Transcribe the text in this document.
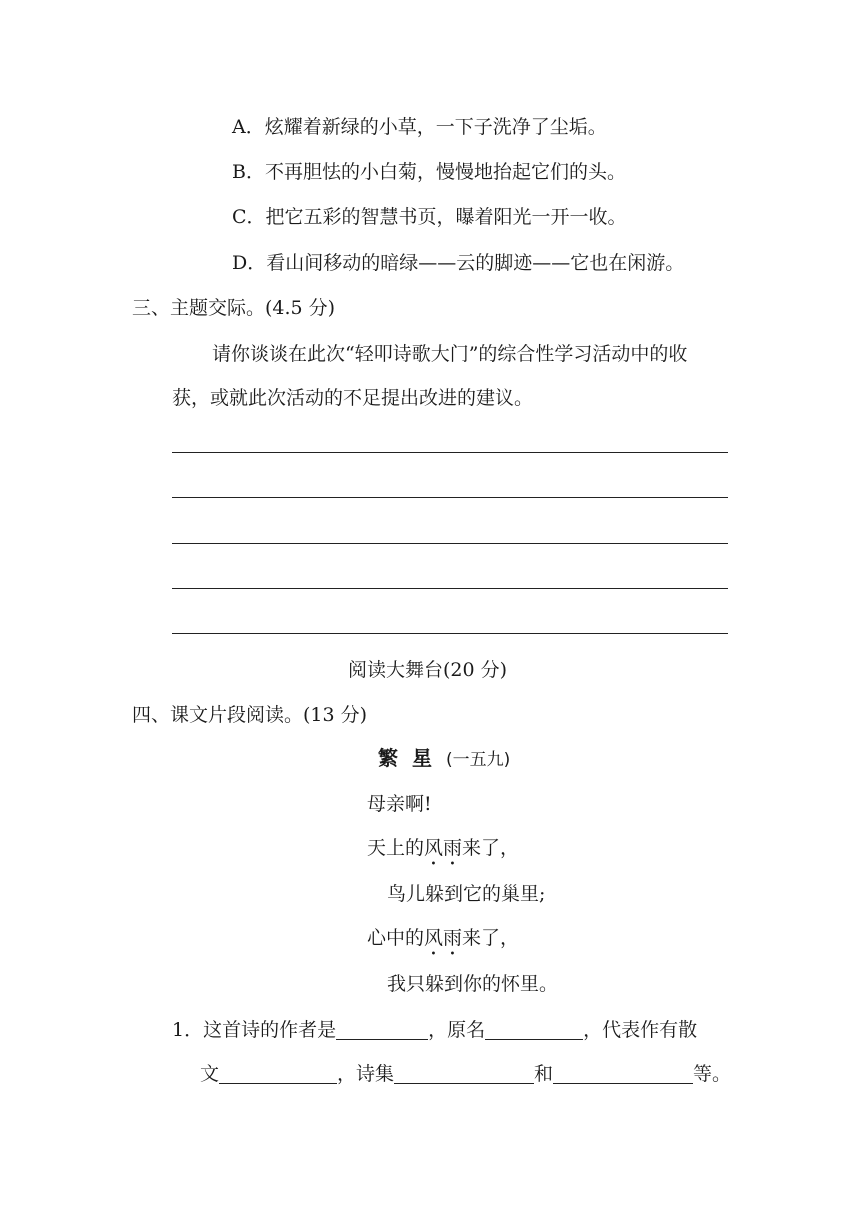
A．炫耀着新绿的小草，一下子洗净了尘垢。
B．不再胆怯的小白菊，慢慢地抬起它们的头。
C．把它五彩的智慧书页，曝着阳光一开一收。
D．看山间移动的暗绿——云的脚迹——它也在闲游。
三、主题交际。(4.5 分)
请你谈谈在此次“轻叩诗歌大门”的综合性学习活动中的收
获，或就此次活动的不足提出改进的建议。
阅读大舞台(20 分)
四、课文片段阅读。(13 分)
繁星(一五九)
母亲啊!
天上的风雨来了，
鸟儿躲到它的巢里;
心中的风雨来了，
我只躲到你的怀里。
1．这首诗的作者是	，原名	，代表作有散
文	，诗集	和	等。
